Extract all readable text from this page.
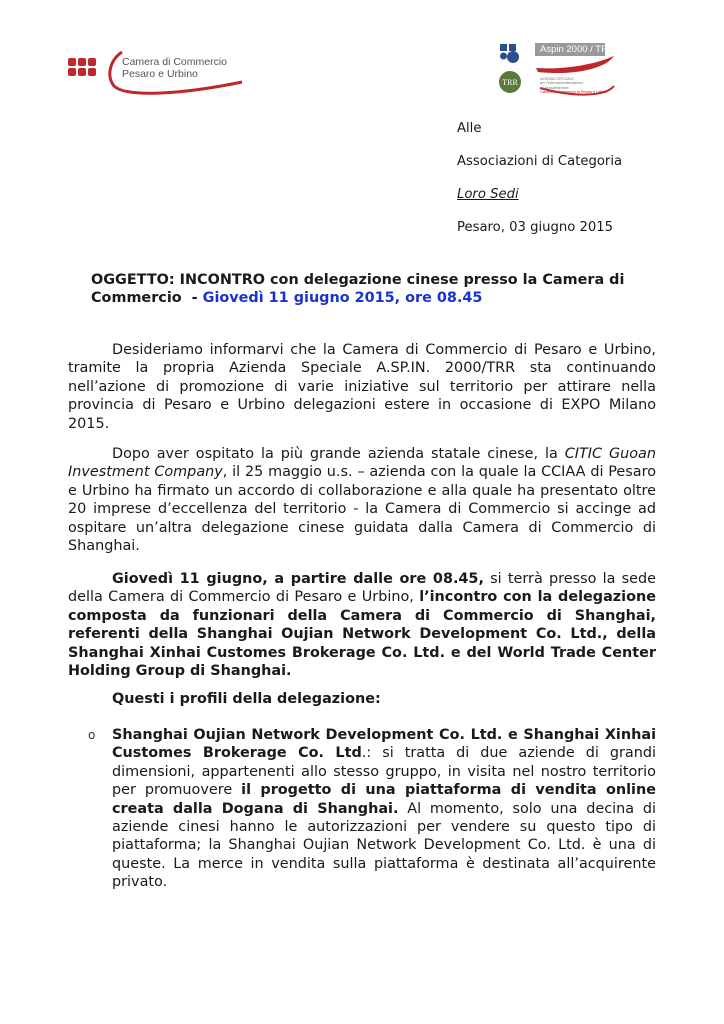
Camera di Commercio
Pesaro e Urbino
TRR
Aspin 2000 / TRR
AZIENDA SPECIALE
per l'Internazionalizzazione
e l'Agroalimentare
Camera di Commercio di Pesaro e Urbino
Alle
Associazioni di Categoria
Loro Sedi
Pesaro, 03 giugno 2015
OGGETTO: INCONTRO con delegazione cinese presso la Camera di
Commercio  - Giovedì 11 giugno 2015, ore 08.45
Desideriamo informarvi che la Camera di Commercio di Pesaro e Urbino, tramite la propria Azienda Speciale A.SP.IN. 2000/TRR sta continuando nell’azione di promozione di varie iniziative sul territorio per attirare nella provincia di Pesaro e Urbino delegazioni estere in occasione di EXPO Milano 2015.
Dopo aver ospitato la più grande azienda statale cinese, la CITIC Guoan Investment Company, il 25 maggio u.s. – azienda con la quale la CCIAA di Pesaro e Urbino ha firmato un accordo di collaborazione e alla quale ha presentato oltre 20 imprese d’eccellenza del territorio - la Camera di Commercio si accinge ad ospitare un’altra delegazione cinese guidata dalla Camera di Commercio di Shanghai.
Giovedì 11 giugno, a partire dalle ore 08.45, si terrà presso la sede della Camera di Commercio di Pesaro e Urbino, l’incontro con la delegazione composta da funzionari della Camera di Commercio di Shanghai, referenti della Shanghai Oujian Network Development Co. Ltd., della Shanghai Xinhai Customes Brokerage Co. Ltd. e del World Trade Center Holding Group di Shanghai.
Questi i profili della delegazione:
o Shanghai Oujian Network Development Co. Ltd. e Shanghai Xinhai Customes Brokerage Co. Ltd.: si tratta di due aziende di grandi dimensioni, appartenenti allo stesso gruppo, in visita nel nostro territorio per promuovere il progetto di una piattaforma di vendita online creata dalla Dogana di Shanghai. Al momento, solo una decina di aziende cinesi hanno le autorizzazioni per vendere su questo tipo di piattaforma; la Shanghai Oujian Network Development Co. Ltd. è una di queste. La merce in vendita sulla piattaforma è destinata all’acquirente privato.
